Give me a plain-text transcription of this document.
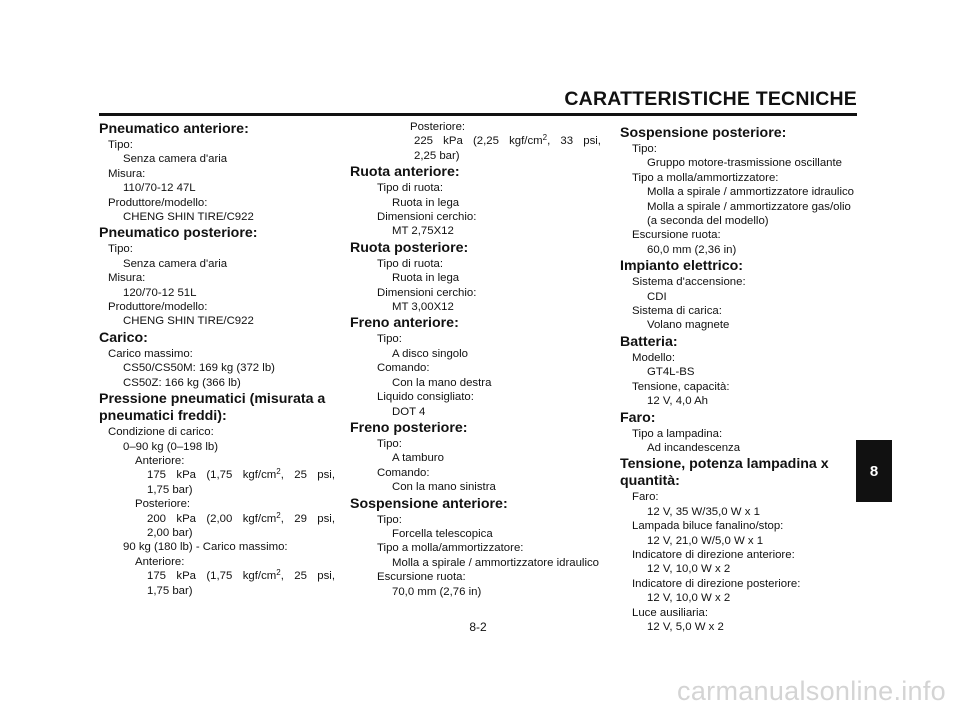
CARATTERISTICHE TECNICHE
Pneumatico anteriore:
Tipo:
Senza camera d'aria
Misura:
110/70-12 47L
Produttore/modello:
CHENG SHIN TIRE/C922
Pneumatico posteriore:
Tipo:
Senza camera d'aria
Misura:
120/70-12 51L
Produttore/modello:
CHENG SHIN TIRE/C922
Carico:
Carico massimo:
CS50/CS50M: 169 kg (372 lb)
CS50Z: 166 kg (366 lb)
Pressione pneumatici (misurata a
pneumatici freddi):
Condizione di carico:
0–90 kg (0–198 lb)
Anteriore:
175 kPa (1,75 kgf/$cm^2$, 25 psi,
1,75 bar)
Posteriore:
200 kPa (2,00 kgf/$cm^2$, 29 psi,
2,00 bar)
90 kg (180 lb) - Carico massimo:
Anteriore:
175 kPa (1,75 kgf/$cm^2$, 25 psi,
1,75 bar)
Posteriore:
225 kPa (2,25 kgf/$cm^2$, 33 psi,
2,25 bar)
Ruota anteriore:
Tipo di ruota:
Ruota in lega
Dimensioni cerchio:
MT 2,75X12
Ruota posteriore:
Tipo di ruota:
Ruota in lega
Dimensioni cerchio:
MT 3,00X12
Freno anteriore:
Tipo:
A disco singolo
Comando:
Con la mano destra
Liquido consigliato:
DOT 4
Freno posteriore:
Tipo:
A tamburo
Comando:
Con la mano sinistra
Sospensione anteriore:
Tipo:
Forcella telescopica
Tipo a molla/ammortizzatore:
Molla a spirale / ammortizzatore idraulico
Escursione ruota:
70,0 mm (2,76 in)
Sospensione posteriore:
Tipo:
Gruppo motore-trasmissione oscillante
Tipo a molla/ammortizzatore:
Molla a spirale / ammortizzatore idraulico
Molla a spirale / ammortizzatore gas/olio
(a seconda del modello)
Escursione ruota:
60,0 mm (2,36 in)
Impianto elettrico:
Sistema d'accensione:
CDI
Sistema di carica:
Volano magnete
Batteria:
Modello:
GT4L-BS
Tensione, capacità:
12 V, 4,0 Ah
Faro:
Tipo a lampadina:
Ad incandescenza
Tensione, potenza lampadina x
quantità:
Faro:
12 V, 35 W/35,0 W x 1
Lampada biluce fanalino/stop:
12 V, 21,0 W/5,0 W x 1
Indicatore di direzione anteriore:
12 V, 10,0 W x 2
Indicatore di direzione posteriore:
12 V, 10,0 W x 2
Luce ausiliaria:
12 V, 5,0 W x 2
8-2
8
carmanualsonline.info
